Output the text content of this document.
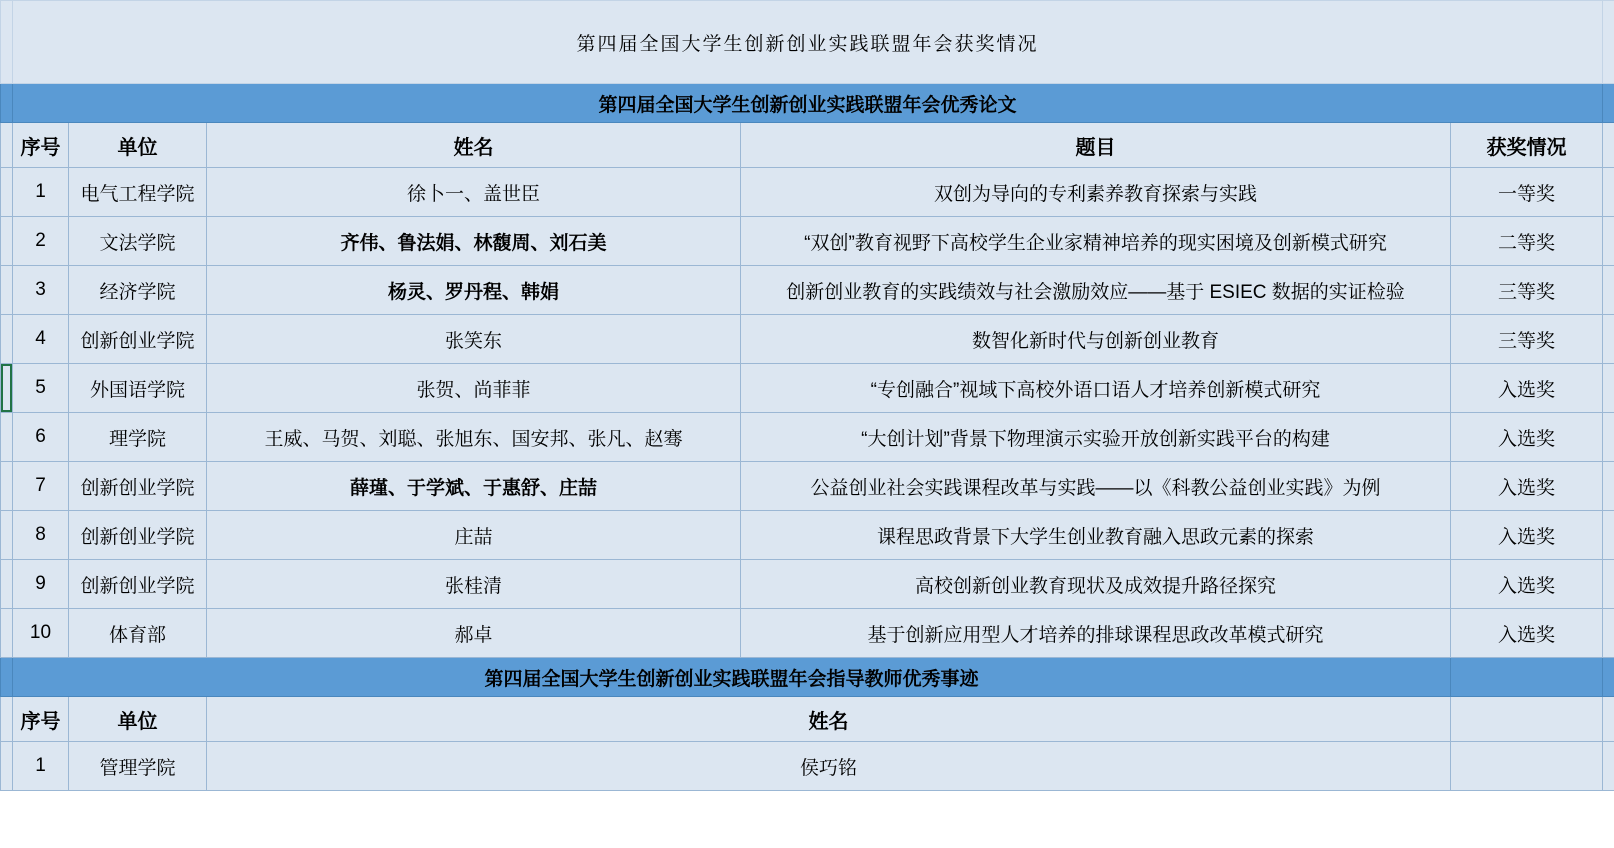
	第四届全国大学生创新创业实践联盟年会获奖情况					
	第四届全国大学生创新创业实践联盟年会优秀论文					
	序号	单位	姓名	题目	获奖情况	
	1	电气工程学院	徐卜一、盖世臣	双创为导向的专利素养教育探索与实践	一等奖	
	2	文法学院	齐伟、鲁法娟、林馥周、刘石美	“双创”教育视野下高校学生企业家精神培养的现实困境及创新模式研究	二等奖	
	3	经济学院	杨灵、罗丹程、韩娟	创新创业教育的实践绩效与社会激励效应——基于 ESIEC 数据的实证检验	三等奖	
	4	创新创业学院	张笑东	数智化新时代与创新创业教育	三等奖	
	5	外国语学院	张贺、尚菲菲	“专创融合”视域下高校外语口语人才培养创新模式研究	入选奖	
	6	理学院	王威、马贺、刘聪、张旭东、国安邦、张凡、赵骞	“大创计划”背景下物理演示实验开放创新实践平台的构建	入选奖	
	7	创新创业学院	薛瑾、于学斌、于惠舒、庄喆	公益创业社会实践课程改革与实践——以《科教公益创业实践》为例	入选奖	
	8	创新创业学院	庄喆	课程思政背景下大学生创业教育融入思政元素的探索	入选奖	
	9	创新创业学院	张桂清	高校创新创业教育现状及成效提升路径探究	入选奖	
	10	体育部	郝卓	基于创新应用型人才培养的排球课程思政改革模式研究	入选奖	
	第四届全国大学生创新创业实践联盟年会指导教师优秀事迹					
	序号	单位	姓名			
	1	管理学院	侯巧铭			
